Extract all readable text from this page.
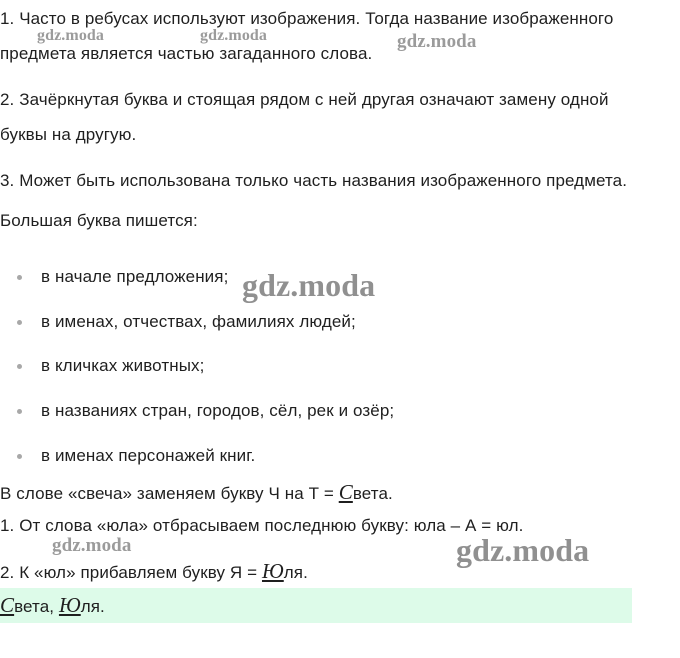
1. Часто в ребусах используют изображения. Тогда название изображенного
предмета является частью загаданного слова.
2. Зачёркнутая буква и стоящая рядом с ней другая означают замену одной
буквы на другую.
3. Может быть использована только часть названия изображенного предмета.
Большая буква пишется:
в начале предложения;
в именах, отчествах, фамилиях людей;
в кличках животных;
в названиях стран, городов, сёл, рек и озёр;
в именах персонажей книг.
В слове «свеча» заменяем букву Ч на Т = Света.
1. От слова «юла» отбрасываем последнюю букву: юла – А = юл.
2. К «юл» прибавляем букву Я = Юля.
Света, Юля.
gdz.moda	gdz.moda	gdz.moda
gdz.moda
gdz.moda	gdz.moda
